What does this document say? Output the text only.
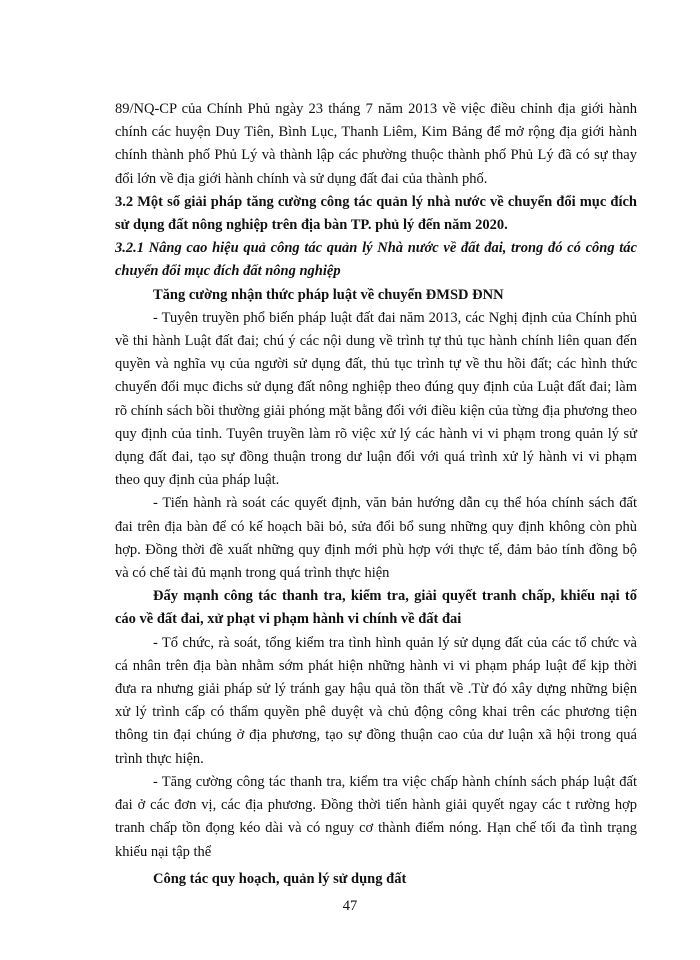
89/NQ-CP của Chính Phủ ngày 23 tháng 7 năm 2013 về việc điều chỉnh địa giới hành chính các huyện Duy Tiên, Bình Lục, Thanh Liêm, Kim Bảng để mở rộng địa giới hành chính thành phố Phủ Lý và thành lập các phường thuộc thành phố Phủ Lý đã có sự thay đổi lớn về địa giới hành chính và sử dụng đất đai của thành phố.

3.2 Một số giải pháp tăng cường công tác quản lý nhà nước về chuyển đổi mục đích sử dụng đất nông nghiệp trên địa bàn TP. phủ lý đến năm 2020.

3.2.1 Nâng cao hiệu quả công tác quản lý Nhà nước về đất đai, trong đó có công tác chuyển đổi mục đích đất nông nghiệp

Tăng cường nhận thức pháp luật về chuyển ĐMSD ĐNN

- Tuyên truyền phổ biến pháp luật đất đai năm 2013, các Nghị định của Chính phủ về thi hành Luật đất đai; chú ý các nội dung về trình tự thủ tục hành chính liên quan đến quyền và nghĩa vụ của người sử dụng đất, thủ tục trình tự về thu hồi đất; các hình thức chuyển đổi mục đichs sử dụng đất nông nghiệp theo đúng quy định của Luật đất đai; làm rõ chính sách bồi thường giải phóng mặt bằng đối với điều kiện của từng địa phương theo quy định của tỉnh. Tuyên truyền làm rõ việc xử lý các hành vi vi phạm trong quản lý sử dụng đất đai, tạo sự đồng thuận trong dư luận đối với quá trình xử lý hành vi vi phạm theo quy định của pháp luật.

- Tiến hành rà soát các quyết định, văn bản hướng dẫn cụ thể hóa chính sách đất đai trên địa bàn để có kế hoạch bãi bỏ, sửa đổi bổ sung những quy định không còn phù hợp. Đồng thời đề xuất những quy định mới phù hợp với thực tế, đảm bảo tính đồng bộ và có chế tài đủ mạnh trong quá trình thực hiện

Đẩy mạnh công tác thanh tra, kiểm tra, giải quyết tranh chấp, khiếu nại tố cáo về đất đai, xử phạt vi phạm hành vi chính về đất đai

- Tổ chức, rà soát, tổng kiểm tra tình hình quản lý sử dụng đất của các tổ chức và cá nhân trên địa bàn nhằm sớm phát hiện những hành vi vi phạm pháp luật để kịp thời đưa ra nhưng giải pháp sử lý tránh gay hậu quả tồn thất về .Từ đó xây dựng những biện xử lý trình cấp có thẩm quyền phê duyệt và chủ động công khai trên các phương tiện thông tin đại chúng ở địa phương, tạo sự đồng thuận cao của dư luận xã hội trong quá trình thực hiện.

- Tăng cường công tác thanh tra, kiểm tra việc chấp hành chính sách pháp luật đất đai ở các đơn vị, các địa phương. Đồng thời tiến hành giải quyết ngay các t rường hợp tranh chấp tồn đọng kéo dài và có nguy cơ thành điểm nóng. Hạn chế tối đa tình trạng khiếu nại tập thể

Công tác quy hoạch, quản lý sử dụng đất

47
